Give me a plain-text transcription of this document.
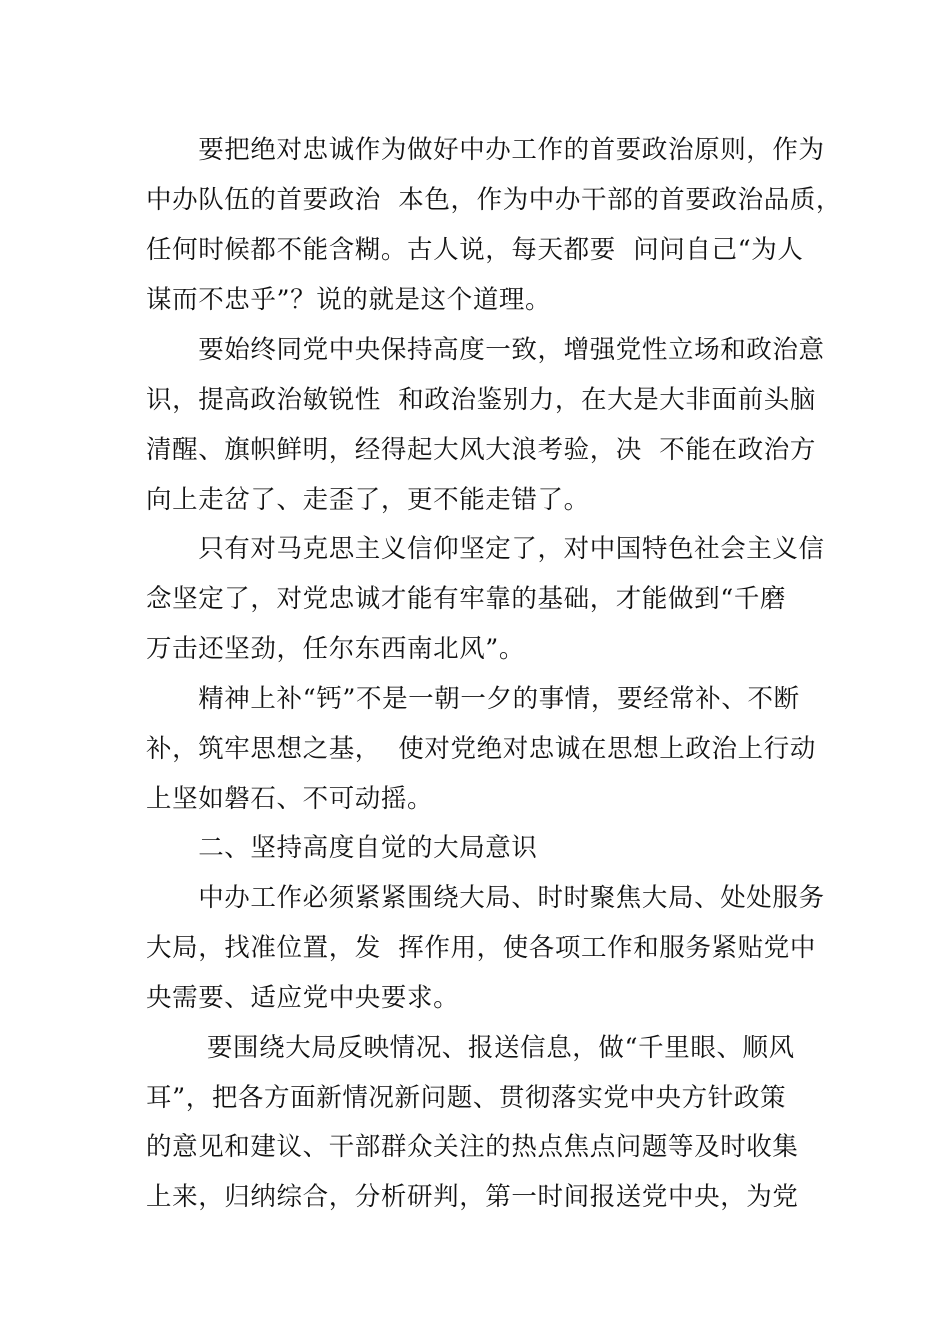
　　要把绝对忠诚作为做好中办工作的首要政治原则，作为
中办队伍的首要政治  本色，作为中办干部的首要政治品质，
任何时候都不能含糊。古人说，每天都要  问问自己“为人
谋而不忠乎”？说的就是这个道理。
　　要始终同党中央保持高度一致，增强党性立场和政治意
识，提高政治敏锐性  和政治鉴别力，在大是大非面前头脑
清醒、旗帜鲜明，经得起大风大浪考验，决  不能在政治方
向上走岔了、走歪了，更不能走错了。
　　只有对马克思主义信仰坚定了，对中国特色社会主义信
念坚定了，对党忠诚才能有牢靠的基础，才能做到“千磨
万击还坚劲，任尔东西南北风”。
　　精神上补“钙”不是一朝一夕的事情，要经常补、不断
补，筑牢思想之基，  使对党绝对忠诚在思想上政治上行动
上坚如磐石、不可动摇。
　　二、坚持高度自觉的大局意识
　　中办工作必须紧紧围绕大局、时时聚焦大局、处处服务
大局，找准位置，发  挥作用，使各项工作和服务紧贴党中
央需要、适应党中央要求。
　　 要围绕大局反映情况、报送信息，做“千里眼、顺风
耳”，把各方面新情况新问题、贯彻落实党中央方针政策
的意见和建议、干部群众关注的热点焦点问题等及时收集
上来，归纳综合，分析研判，第一时间报送党中央，为党
